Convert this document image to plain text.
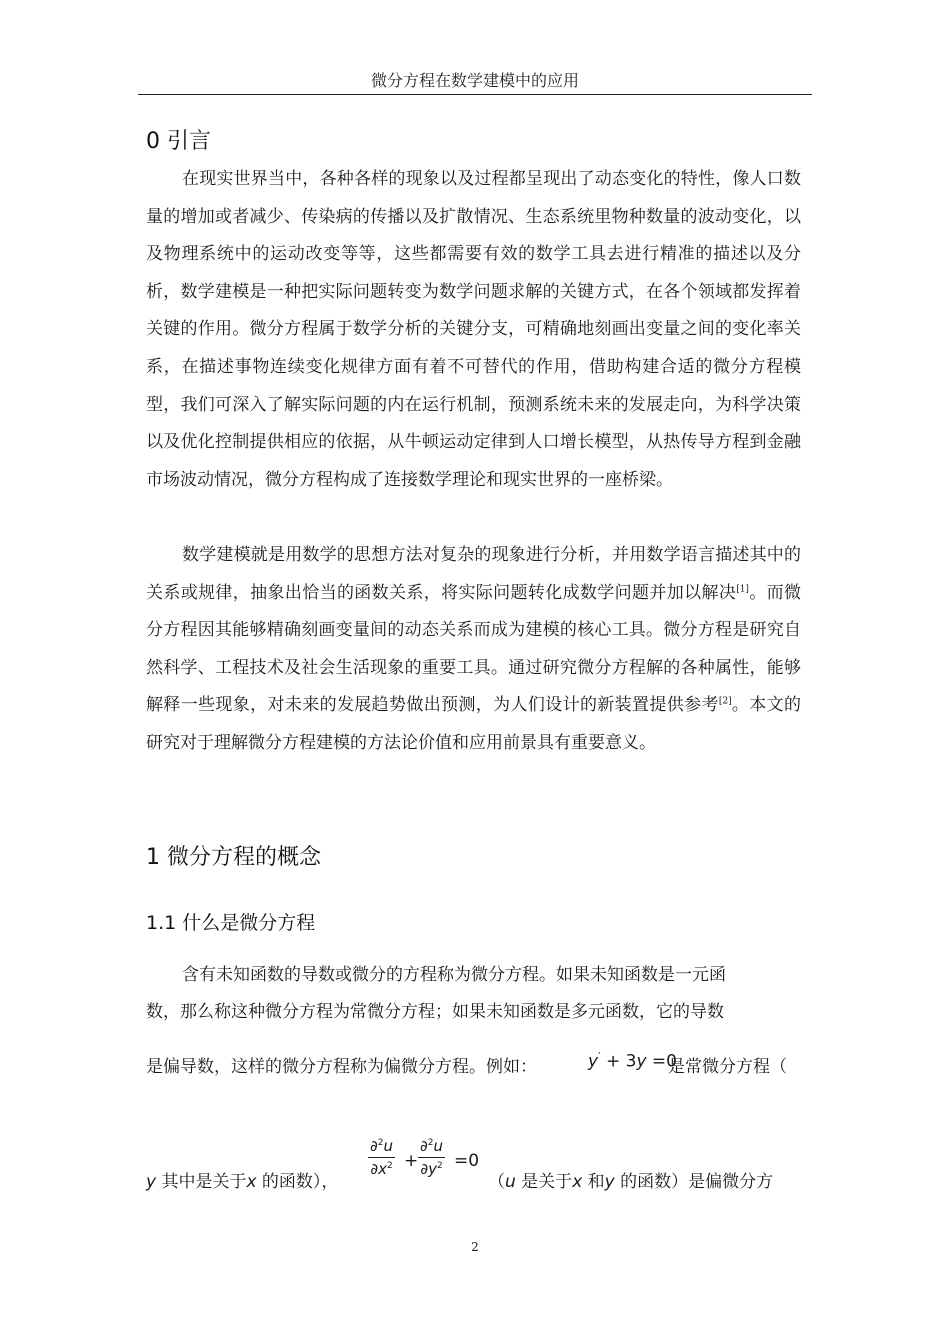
微分方程在数学建模中的应用
0 引言

在现实世界当中，各种各样的现象以及过程都呈现出了动态变化的特性，像人口数量的增加或者减少、传染病的传播以及扩散情况、生态系统里物种数量的波动变化，以及物理系统中的运动改变等等，这些都需要有效的数学工具去进行精准的描述以及分析，数学建模是一种把实际问题转变为数学问题求解的关键方式，在各个领域都发挥着关键的作用。微分方程属于数学分析的关键分支，可精确地刻画出变量之间的变化率关系，在描述事物连续变化规律方面有着不可替代的作用，借助构建合适的微分方程模型，我们可深入了解实际问题的内在运行机制，预测系统未来的发展走向，为科学决策以及优化控制提供相应的依据，从牛顿运动定律到人口增长模型，从热传导方程到金融市场波动情况，微分方程构成了连接数学理论和现实世界的一座桥梁。

数学建模就是用数学的思想方法对复杂的现象进行分析，并用数学语言描述其中的关系或规律，抽象出恰当的函数关系，将实际问题转化成数学问题并加以解决[1]。而微分方程因其能够精确刻画变量间的动态关系而成为建模的核心工具。微分方程是研究自然科学、工程技术及社会生活现象的重要工具。通过研究微分方程解的各种属性，能够解释一些现象，对未来的发展趋势做出预测，为人们设计的新装置提供参考[2]。本文的研究对于理解微分方程建模的方法论价值和应用前景具有重要意义。

1 微分方程的概念
1.1 什么是微分方程
含有未知函数的导数或微分的方程称为微分方程。如果未知函数是一元函
数，那么称这种微分方程为常微分方程；如果未知函数是多元函数，它的导数
是偏导数，这样的微分方程称为偏微分方程。例如：	y′ + 3y =0
是常微分方程（
y 其中是关于x 的函数），
$\frac{\partial^2u}{\partial x^2} + \frac{\partial^2u}{\partial y^2} =0$
（u 是关于x 和y 的函数）是偏微分方
2
